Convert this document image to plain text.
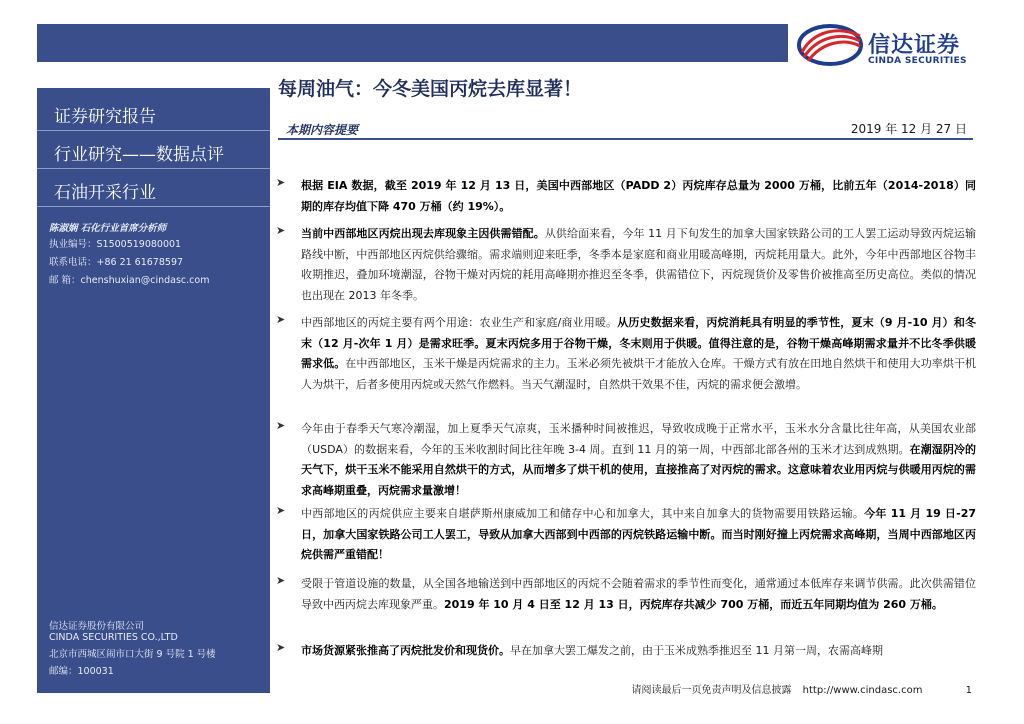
信达证券
CINDA SECURITIES
证券研究报告
行业研究——数据点评
石油开采行业
陈淑娴 石化行业首席分析师
执业编号：S1500519080001
联系电话：+86 21 61678597
邮 箱：chenshuxian@cindasc.com
信达证券股份有限公司
CINDA SECURITIES CO.,LTD
北京市西城区闹市口大街 9 号院 1 号楼
邮编：100031
每周油气：今冬美国丙烷去库显著！
本期内容提要	2019 年 12 月 27 日
➤ 根据 EIA 数据，截至 2019 年 12 月 13 日，美国中西部地区（PADD 2）丙烷库存总量为 2000 万桶，比前五年（2014-2018）同期的库存均值下降 470 万桶（约 19%）。
➤ 当前中西部地区丙烷出现去库现象主因供需错配。从供给面来看，今年 11 月下旬发生的加拿大国家铁路公司的工人罢工运动导致丙烷运输路线中断，中西部地区丙烷供给骤缩。需求端则迎来旺季，冬季本是家庭和商业用暖高峰期，丙烷耗用量大。此外，今年中西部地区谷物丰收期推迟，叠加环境潮湿，谷物干燥对丙烷的耗用高峰期亦推迟至冬季，供需错位下，丙烷现货价及零售价被推高至历史高位。类似的情况也出现在 2013 年冬季。
➤ 中西部地区的丙烷主要有两个用途：农业生产和家庭/商业用暖。从历史数据来看，丙烷消耗具有明显的季节性，夏末（9 月-10 月）和冬末（12 月-次年 1 月）是需求旺季。夏末丙烷多用于谷物干燥，冬末则用于供暖。值得注意的是，谷物干燥高峰期需求量并不比冬季供暖需求低。在中西部地区，玉米干燥是丙烷需求的主力。玉米必须先被烘干才能放入仓库。干燥方式有放在田地自然烘干和使用大功率烘干机人为烘干，后者多使用丙烷或天然气作燃料。当天气潮湿时，自然烘干效果不佳，丙烷的需求便会激增。
➤ 今年由于春季天气寒冷潮湿，加上夏季天气凉爽，玉米播种时间被推迟，导致收成晚于正常水平，玉米水分含量比往年高，从美国农业部（USDA）的数据来看，今年的玉米收割时间比往年晚 3-4 周。直到 11 月的第一周，中西部北部各州的玉米才达到成熟期。在潮湿阴冷的天气下，烘干玉米不能采用自然烘干的方式，从而增多了烘干机的使用，直接推高了对丙烷的需求。这意味着农业用丙烷与供暖用丙烷的需求高峰期重叠，丙烷需求量激增！
➤ 中西部地区的丙烷供应主要来自堪萨斯州康威加工和储存中心和加拿大，其中来自加拿大的货物需要用铁路运输。今年 11 月 19 日-27 日，加拿大国家铁路公司工人罢工，导致从加拿大西部到中西部的丙烷铁路运输中断。而当时刚好撞上丙烷需求高峰期，当周中西部地区丙烷供需严重错配！
➤ 受限于管道设施的数量，从全国各地输送到中西部地区的丙烷不会随着需求的季节性而变化，通常通过本低库存来调节供需。此次供需错位导致中西丙烷去库现象严重。2019 年 10 月 4 日至 12 月 13 日，丙烷库存共减少 700 万桶，而近五年同期均值为 260 万桶。
➤ 市场货源紧张推高了丙烷批发价和现货价。早在加拿大罢工爆发之前，由于玉米成熟季推迟至 11 月第一周，农需高峰期
请阅读最后一页免责声明及信息披露 http://www.cindasc.com	1
